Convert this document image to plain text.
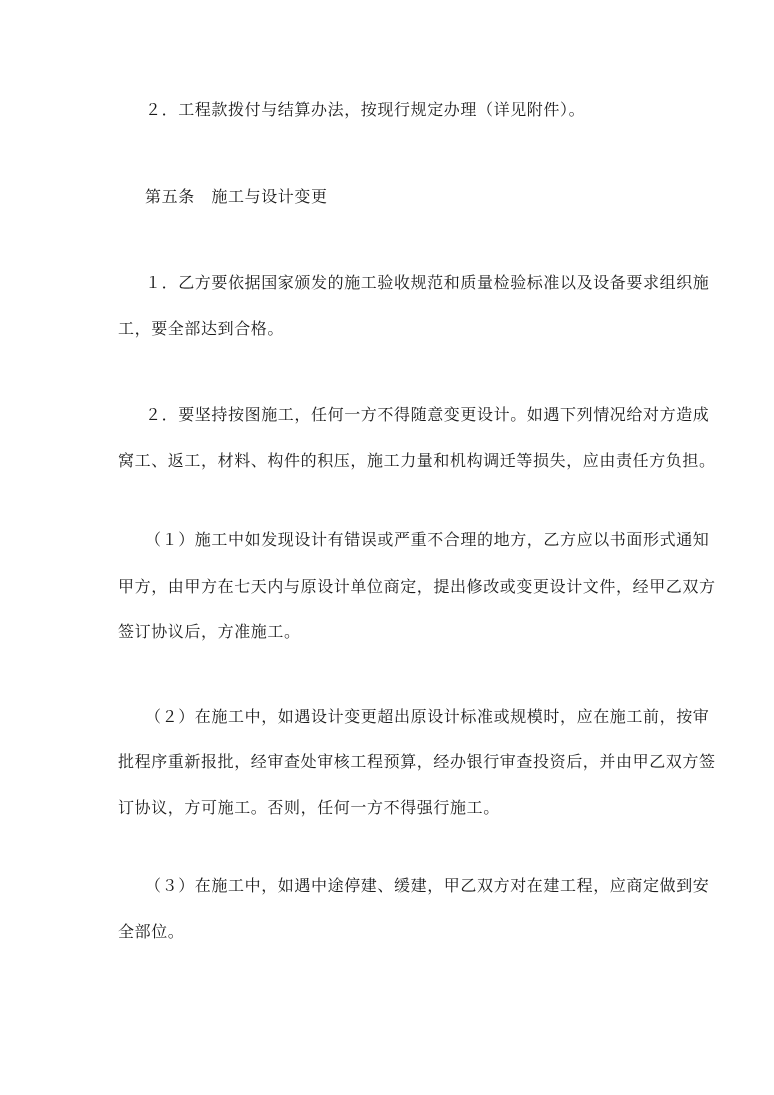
２．工程款拨付与结算办法，按现行规定办理（详见附件）。
第五条　施工与设计变更
１．乙方要依据国家颁发的施工验收规范和质量检验标准以及设备要求组织施
工，要全部达到合格。
２．要坚持按图施工，任何一方不得随意变更设计。如遇下列情况给对方造成
窝工、返工，材料、构件的积压，施工力量和机构调迁等损失，应由责任方负担。
（１）施工中如发现设计有错误或严重不合理的地方，乙方应以书面形式通知
甲方，由甲方在七天内与原设计单位商定，提出修改或变更设计文件，经甲乙双方
签订协议后，方准施工。
（２）在施工中，如遇设计变更超出原设计标准或规模时，应在施工前，按审
批程序重新报批，经审查处审核工程预算，经办银行审查投资后，并由甲乙双方签
订协议，方可施工。否则，任何一方不得强行施工。
（３）在施工中，如遇中途停建、缓建，甲乙双方对在建工程，应商定做到安
全部位。
